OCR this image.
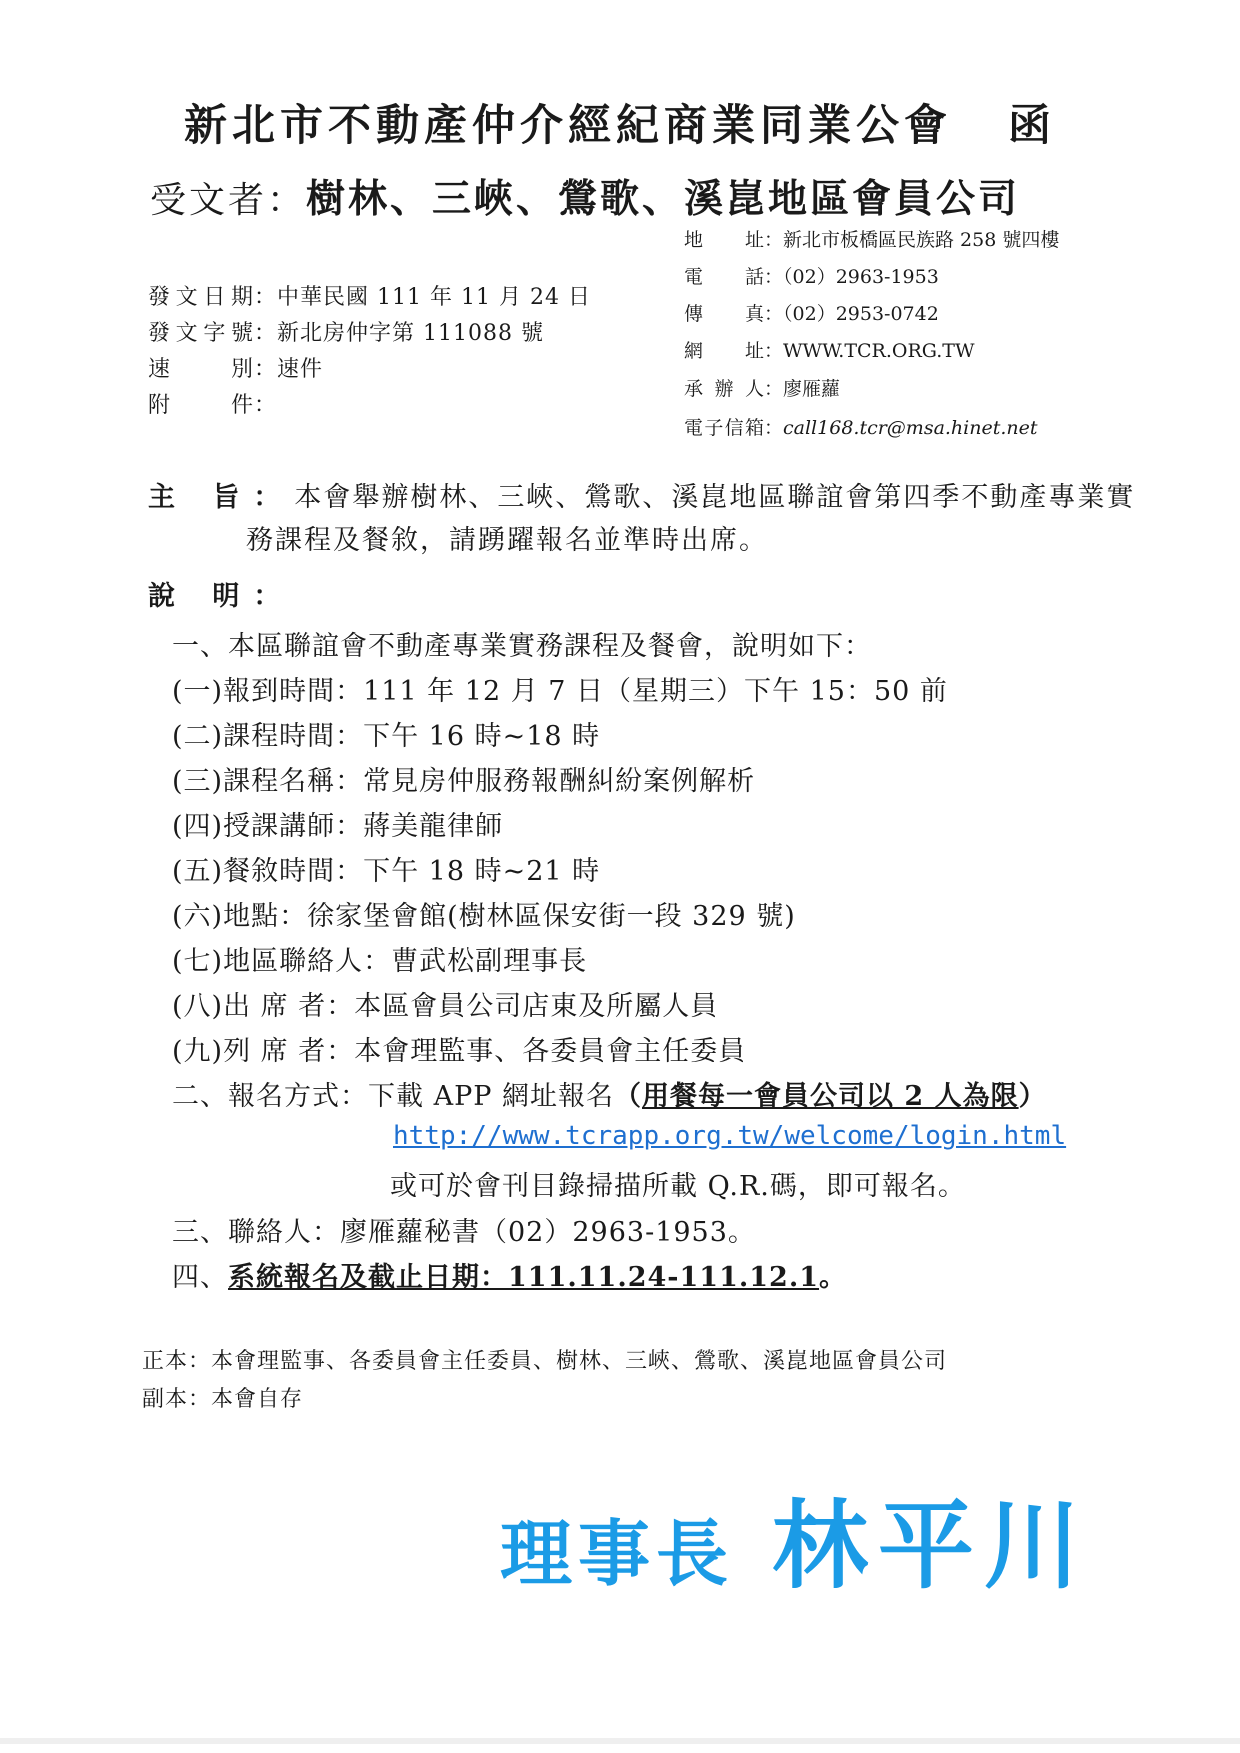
新北市不動產仲介經紀商業同業公會 函
受文者：樹林、三峽、鶯歌、溪崑地區會員公司
地　址：新北市板橋區民族路 258 號四樓
電　話：（02）2963-1953
傳　真：（02）2953-0742
網　址：WWW.TCR.ORG.TW
承 辦 人：廖雁蘿
電子信箱：call168.tcr@msa.hinet.net
發文日期：中華民國 111 年 11 月 24 日
發文字號：新北房仲字第 111088 號
速　別：速件
附　件：
主 旨：本會舉辦樹林、三峽、鶯歌、溪崑地區聯誼會第四季不動產專業實
務課程及餐敘，請踴躍報名並準時出席。
說 明：
一、本區聯誼會不動產專業實務課程及餐會，說明如下：
(一)報到時間：111 年 12 月 7 日（星期三）下午 15：50 前
(二)課程時間：下午 16 時~18 時
(三)課程名稱：常見房仲服務報酬糾紛案例解析
(四)授課講師：蔣美龍律師
(五)餐敘時間：下午 18 時~21 時
(六)地點：徐家堡會館(樹林區保安街一段 329 號)
(七)地區聯絡人：曹武松副理事長
(八)出 席 者：本區會員公司店東及所屬人員
(九)列 席 者：本會理監事、各委員會主任委員
二、報名方式：下載 APP 網址報名（用餐每一會員公司以 2 人為限）
http://www.tcrapp.org.tw/welcome/login.html
或可於會刊目錄掃描所載 Q.R.碼，即可報名。
三、聯絡人：廖雁蘿秘書（02）2963-1953。
四、系統報名及截止日期：111.11.24-111.12.1。
正本：本會理監事、各委員會主任委員、樹林、三峽、鶯歌、溪崑地區會員公司
副本：本會自存
理事長 林平川
